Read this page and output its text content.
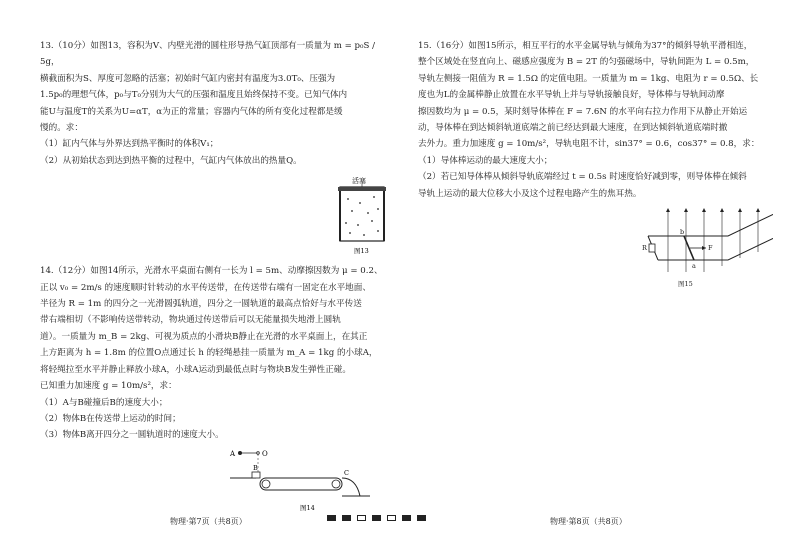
13.（10分）如图13，容积为V、内壁光滑的圆柱形导热气缸顶部有一质量为 m = p₀S / 5g，

横截面积为S、厚度可忽略的活塞；初始时气缸内密封有温度为3.0T₀、压强为

1.5p₀的理想气体，p₀与T₀分别为大气的压强和温度且始终保持不变。已知气体内

能U与温度T的关系为U=αT，α为正的常量；容器内气体的所有变化过程都是缓

慢的。求：

（1）缸内气体与外界达到热平衡时的体积V₁；

（2）从初始状态到达到热平衡的过程中，气缸内气体放出的热量Q。

活塞
图13

14.（12分）如图14所示，光滑水平桌面右侧有一长为 l = 5m、动摩擦因数为 μ = 0.2、

正以 v₀ = 2m/s 的速度顺时针转动的水平传送带，在传送带右端有一固定在水平地面、

半径为 R = 1m 的四分之一光滑圆弧轨道，四分之一圆轨道的最高点恰好与水平传送

带右端相切（不影响传送带转动，物块通过传送带后可以无能量损失地滑上圆轨

道）。一质量为 m_B = 2kg、可视为质点的小滑块B静止在光滑的水平桌面上，在其正

上方距离为 h = 1.8m 的位置O点通过长 h 的轻绳悬挂一质量为 m_A = 1kg 的小球A，

将轻绳拉至水平并静止释放小球A，小球A运动到最低点时与物块B发生弹性正碰。

已知重力加速度 g = 10m/s²，求：

（1）A与B碰撞后B的速度大小；

（2）物体B在传送带上运动的时间；

（3）物体B离开四分之一圆轨道时的速度大小。

A	O
B
C
图14

15.（16分）如图15所示，相互平行的水平金属导轨与倾角为37°的倾斜导轨平滑相连，

整个区域处在竖直向上、磁感应强度为 B = 2T 的匀强磁场中，导轨间距为 L = 0.5m，

导轨左侧接一阻值为 R = 1.5Ω 的定值电阻。一质量为 m = 1kg、电阻为 r = 0.5Ω、长

度也为L的金属棒静止放置在水平导轨上并与导轨接触良好，导体棒与导轨间动摩

擦因数均为 μ = 0.5，某时刻导体棒在 F = 7.6N 的水平向右拉力作用下从静止开始运

动，导体棒在到达倾斜轨道底端之前已经达到最大速度，在到达倾斜轨道底端时撤

去外力。重力加速度 g = 10m/s²，导轨电阻不计，sin37° = 0.6，cos37° = 0.8，求：

（1）导体棒运动的最大速度大小；

（2）若已知导体棒从倾斜导轨底端经过 t = 0.5s 时速度恰好减到零，则导体棒在倾斜

导轨上运动的最大位移大小及这个过程电路产生的焦耳热。

R
b
a
F
图15
物理·第7页（共8页）	物理·第8页（共8页）
